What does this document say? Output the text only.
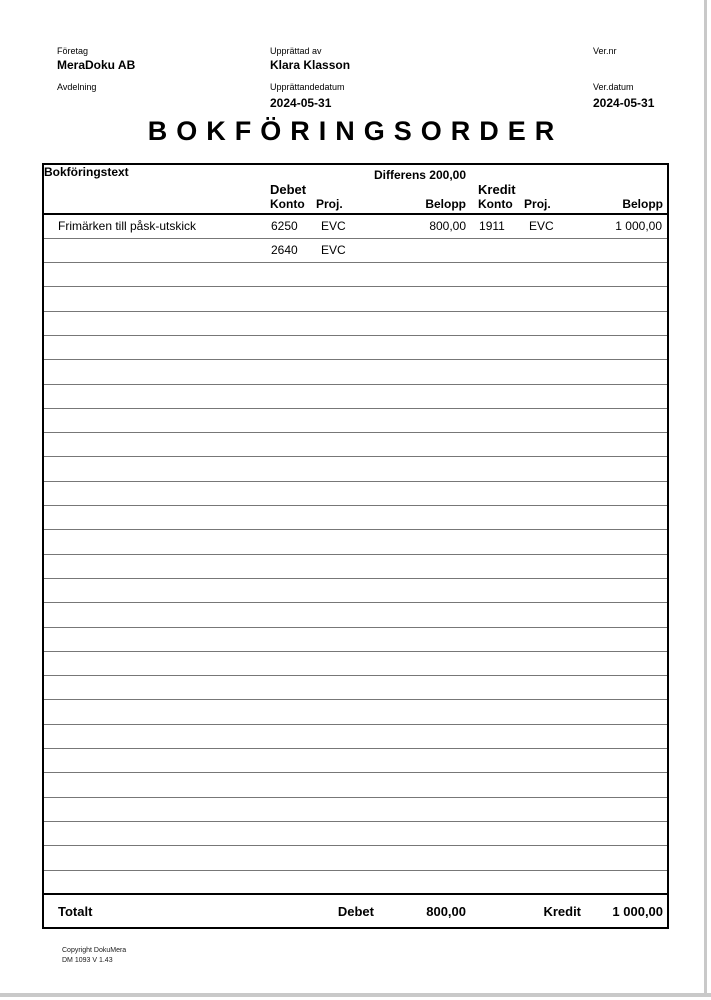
Företag
MeraDoku AB
Avdelning
Upprättad av
Klara Klasson
Upprättandedatum
2024-05-31
Ver.nr
Ver.datum
2024-05-31
BOKFÖRINGSORDER
Bokföringstext	Differens 200,00
Debet
Konto Proj.	Belopp

Kredit
Konto Proj.	Belopp

Frimärken till påsk-utskick	6250	EVC	800,00	1911	EVC	1 000,00
	2640	EVC				

Totalt	Debet 800,00			Kredit 1 000,00		
Copyright DokuMera
DM 1093 V 1.43
